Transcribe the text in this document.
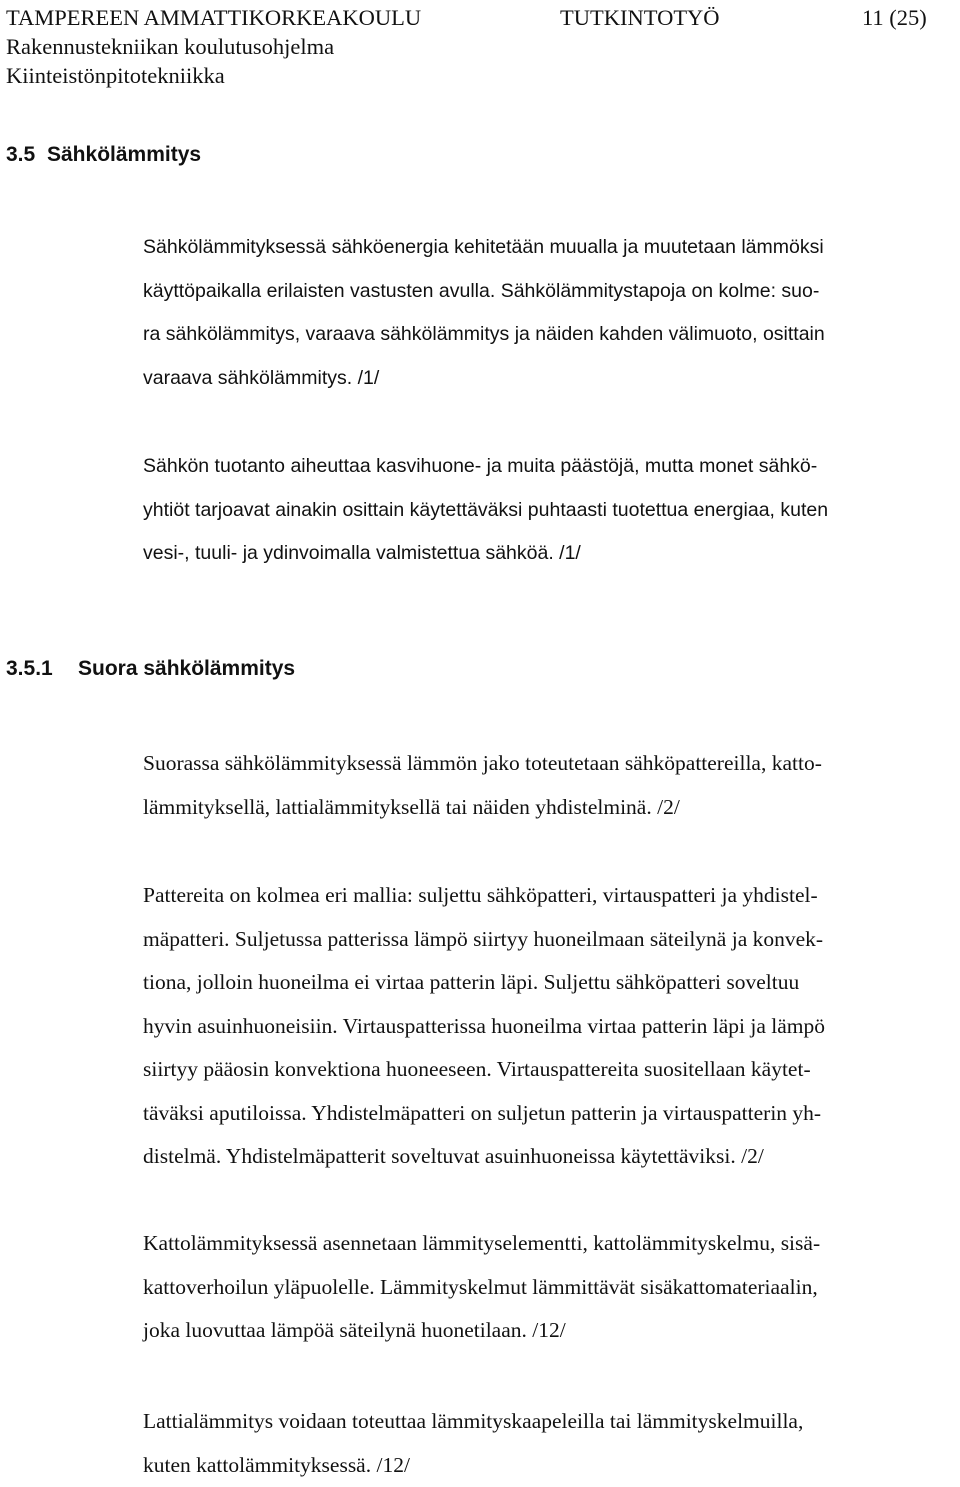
TAMPEREEN AMMATTIKORKEAKOULU	TUTKINTOTYÖ	11 (25)
Rakennustekniikan koulutusohjelma
Kiinteistönpitotekniikka
3.5 Sähkölämmitys
Sähkölämmityksessä sähköenergia kehitetään muualla ja muutetaan lämmöksi
käyttöpaikalla erilaisten vastusten avulla. Sähkölämmitystapoja on kolme: suo-
ra sähkölämmitys, varaava sähkölämmitys ja näiden kahden välimuoto, osittain
varaava sähkölämmitys. /1/
Sähkön tuotanto aiheuttaa kasvihuone- ja muita päästöjä, mutta monet sähkö-
yhtiöt tarjoavat ainakin osittain käytettäväksi puhtaasti tuotettua energiaa, kuten
vesi-, tuuli- ja ydinvoimalla valmistettua sähköä. /1/
3.5.1 Suora sähkölämmitys
Suorassa sähkölämmityksessä lämmön jako toteutetaan sähköpattereilla, katto-
lämmityksellä, lattialämmityksellä tai näiden yhdistelminä. /2/
Pattereita on kolmea eri mallia: suljettu sähköpatteri, virtauspatteri ja yhdistel-
mäpatteri. Suljetussa patterissa lämpö siirtyy huoneilmaan säteilynä ja konvek-
tiona, jolloin huoneilma ei virtaa patterin läpi. Suljettu sähköpatteri soveltuu
hyvin asuinhuoneisiin. Virtauspatterissa huoneilma virtaa patterin läpi ja lämpö
siirtyy pääosin konvektiona huoneeseen. Virtauspattereita suositellaan käytet-
täväksi aputiloissa. Yhdistelmäpatteri on suljetun patterin ja virtauspatterin yh-
distelmä. Yhdistelmäpatterit soveltuvat asuinhuoneissa käytettäviksi. /2/
Kattolämmityksessä asennetaan lämmityselementti, kattolämmityskelmu, sisä-
kattoverhoilun yläpuolelle. Lämmityskelmut lämmittävät sisäkattomateriaalin,
joka luovuttaa lämpöä säteilynä huonetilaan. /12/
Lattialämmitys voidaan toteuttaa lämmityskaapeleilla tai lämmityskelmuilla,
kuten kattolämmityksessä. /12/
